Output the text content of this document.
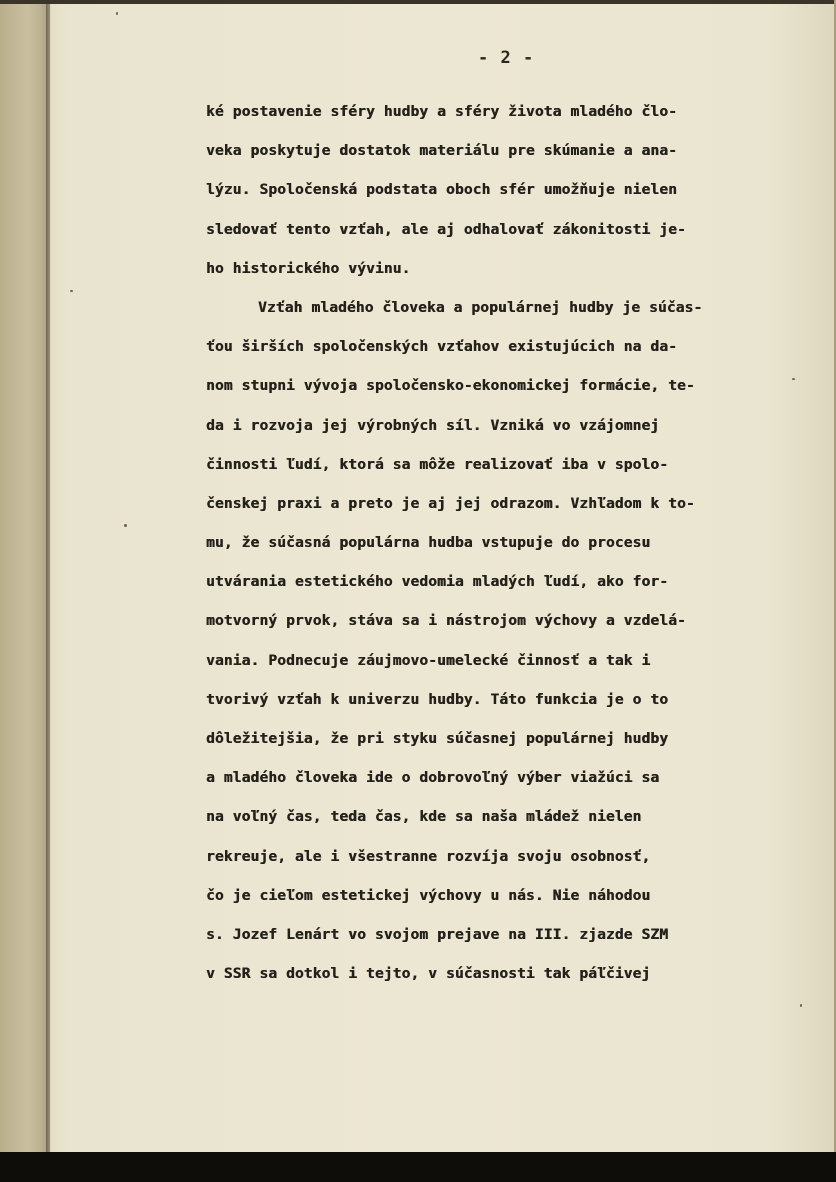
- 2 -
ké postavenie sféry hudby a sféry života mladého člo-
veka poskytuje dostatok materiálu pre skúmanie a ana-
lýzu. Spoločenská podstata oboch sfér umožňuje nielen
sledovať tento vzťah, ale aj odhalovať zákonitosti je-
ho historického vývinu.
Vzťah mladého človeka a populárnej hudby je súčas-
ťou širších spoločenských vzťahov existujúcich na da-
nom stupni vývoja spoločensko-ekonomickej formácie, te-
da i rozvoja jej výrobných síl. Vzniká vo vzájomnej
činnosti ľudí, ktorá sa môže realizovať iba v spolo-
čenskej praxi a preto je aj jej odrazom. Vzhľadom k to-
mu, že súčasná populárna hudba vstupuje do procesu
utvárania estetického vedomia mladých ľudí, ako for-
motvorný prvok, stáva sa i nástrojom výchovy a vzdelá-
vania. Podnecuje záujmovo-umelecké činnosť a tak i
tvorivý vzťah k univerzu hudby. Táto funkcia je o to
dôležitejšia, že pri styku súčasnej populárnej hudby
a mladého človeka ide o dobrovoľný výber viažúci sa
na voľný čas, teda čas, kde sa naša mládež nielen
rekreuje, ale i všestranne rozvíja svoju osobnosť,
čo je cieľom estetickej výchovy u nás. Nie náhodou
s. Jozef Lenárt vo svojom prejave na III. zjazde SZM
v SSR sa dotkol i tejto, v súčasnosti tak páľčivej
